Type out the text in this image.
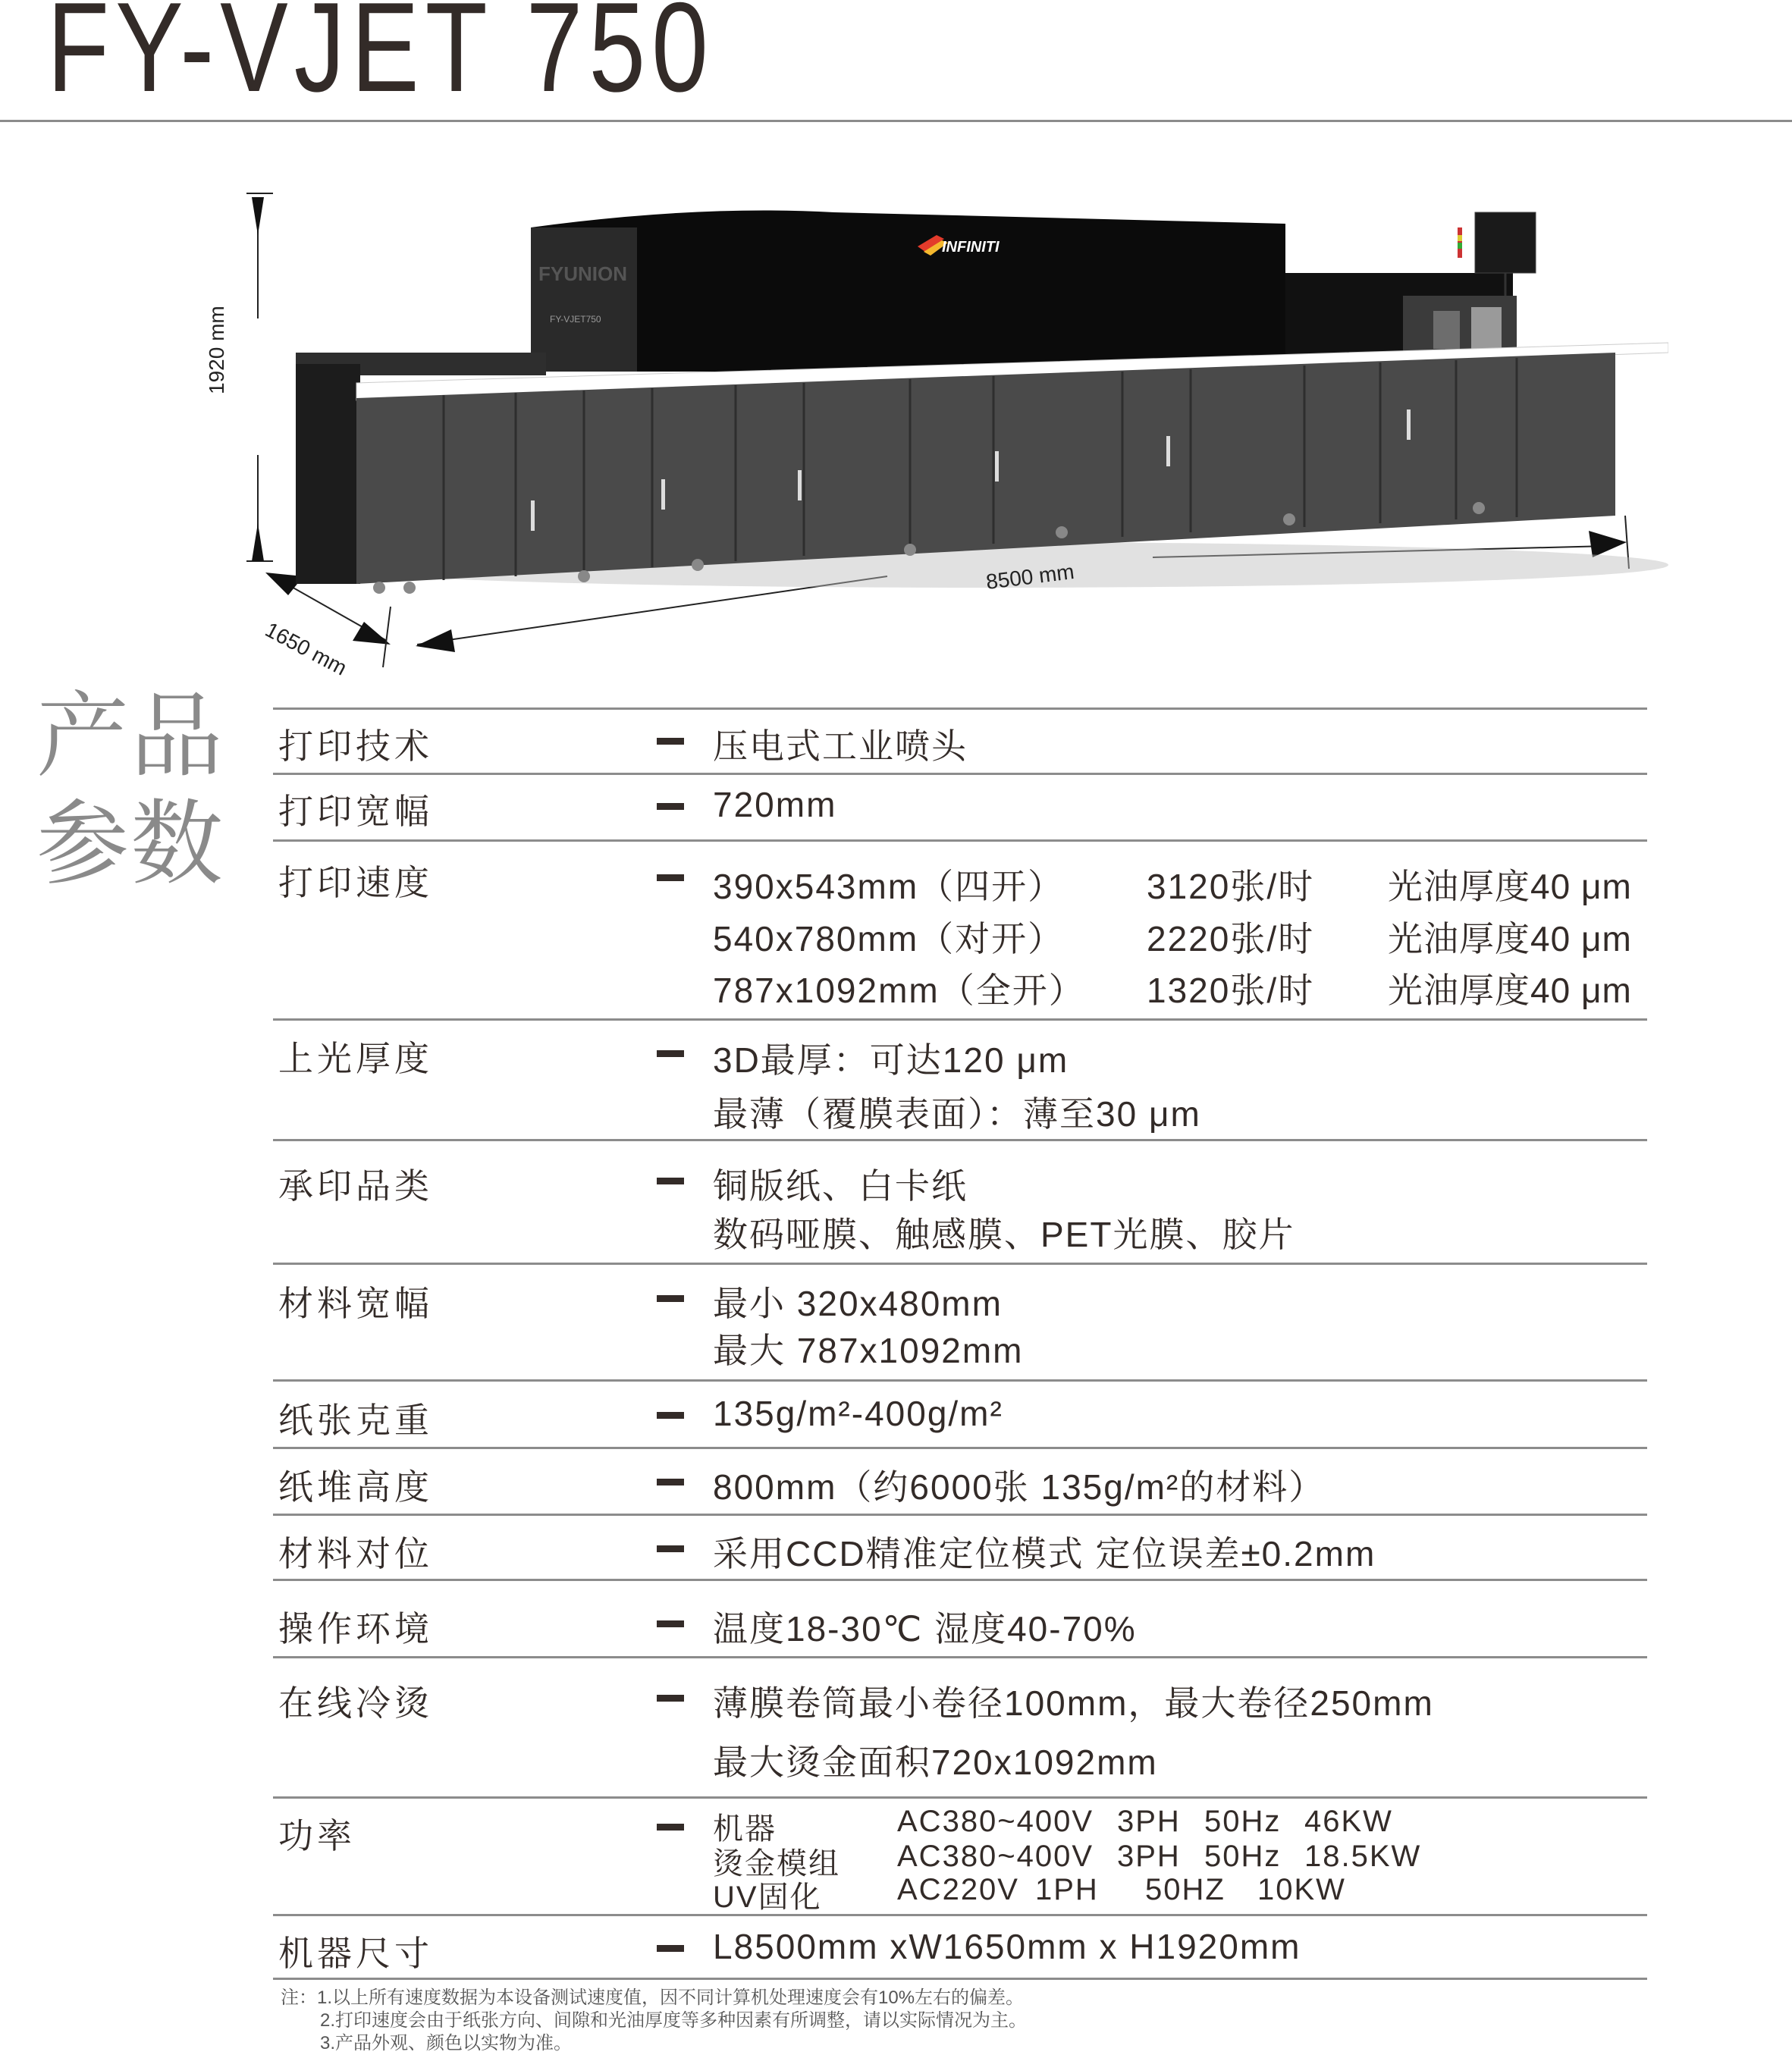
FY-VJET 750
FYUNION
FY-VJET750
INFINITI
1920 mm
8500 mm
1650 mm
产品
参数
打印技术	压电式工业喷头
打印宽幅	720mm
打印速度	390x543mm（四开） 3120张/时 光油厚度40 μm
540x780mm（对开） 2220张/时 光油厚度40 μm
787x1092mm（全开） 1320张/时 光油厚度40 μm
上光厚度	3D最厚：可达120 μm
最薄（覆膜表面）：薄至30 μm
承印品类	铜版纸、白卡纸
数码哑膜、触感膜、PET光膜、胶片
材料宽幅	最小 320x480mm
最大 787x1092mm
纸张克重	135g/m²-400g/m²
纸堆高度	800mm（约6000张 135g/m²的材料）
材料对位	采用CCD精准定位模式 定位误差±0.2mm
操作环境	温度18-30℃ 湿度40-70%
在线冷烫	薄膜卷筒最小卷径100mm，最大卷径250mm
最大烫金面积720x1092mm
功率	机器	AC380~400V 3PH 50Hz 46KW
烫金模组 AC380~400V 3PH 50Hz 18.5KW
UV固化 AC220V 1PH 50HZ 10KW
机器尺寸	L8500mm xW1650mm x H1920mm
注：1.以上所有速度数据为本设备测试速度值，因不同计算机处理速度会有10%左右的偏差。
2.打印速度会由于纸张方向、间隙和光油厚度等多种因素有所调整，请以实际情况为主。
3.产品外观、颜色以实物为准。
